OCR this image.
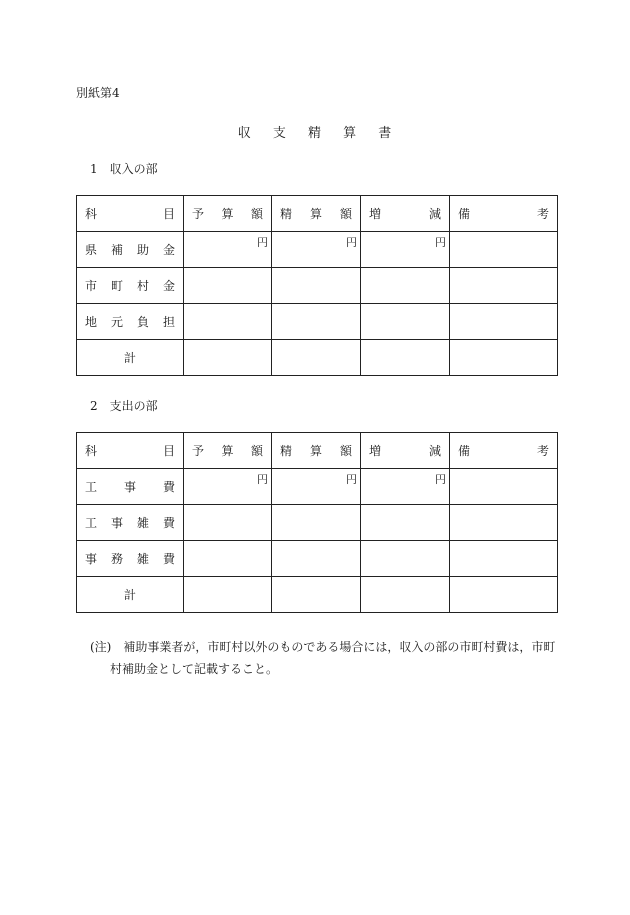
別紙第4
収 支 精 算 書
1　収入の部
科 目	予 算 額	精 算 額	増 減	備 考

県 補 助 金	円	円	円	

市 町 村 金				

地 元 負 担				

計				
2　支出の部
科 目	予 算 額	精 算 額	増 減	備 考

工 事 費	円	円	円	

工 事 雑 費				

事 務 雑 費				

計				
(注)　補助事業者が，市町村以外のものである場合には，収入の部の市町村費は，市町
村補助金として記載すること。
